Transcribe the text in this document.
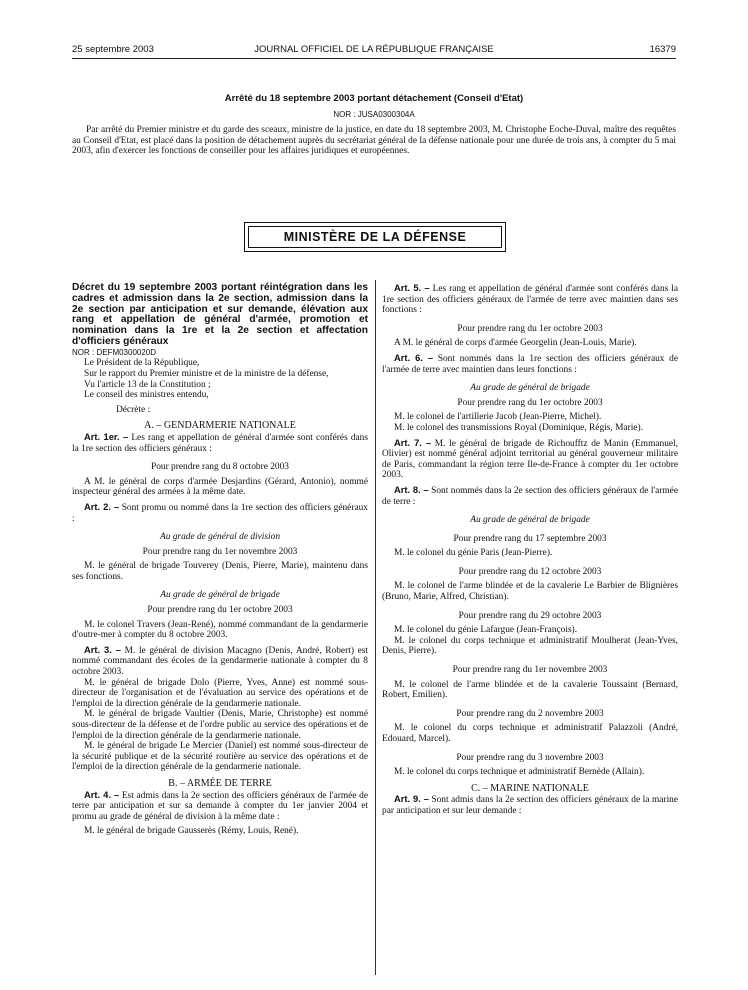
25 septembre 2003	JOURNAL OFFICIEL DE LA RÉPUBLIQUE FRANÇAISE	16379
Arrêté du 18 septembre 2003 portant détachement (Conseil d'Etat)
NOR : JUSA0300304A
Par arrêté du Premier ministre et du garde des sceaux, ministre de la justice, en date du 18 septembre 2003, M. Christophe Eoche-Duval, maître des requêtes au Conseil d'Etat, est placé dans la position de détachement auprès du secrétariat général de la défense nationale pour une durée de trois ans, à compter du 5 mai 2003, afin d'exercer les fonctions de conseiller pour les affaires juridiques et européennes.
MINISTÈRE DE LA DÉFENSE

Décret du 19 septembre 2003 portant réintégration dans les cadres et admission dans la 2e section, admission dans la 2e section par anticipation et sur demande, élévation aux rang et appellation de général d'armée, promotion et nomination dans la 1re et la 2e section et affectation d'officiers généraux

NOR : DEFM0300020D

Le Président de la République,

Sur le rapport du Premier ministre et de la ministre de la défense,

Vu l'article 13 de la Constitution ;

Le conseil des ministres entendu,

Décrète :

A. – GENDARMERIE NATIONALE

Art. 1er. – Les rang et appellation de général d'armée sont conférés dans la 1re section des officiers généraux :

Pour prendre rang du 8 octobre 2003

A M. le général de corps d'armée Desjardins (Gérard, Antonio), nommé inspecteur général des armées à la même date.

Art. 2. – Sont promu ou nommé dans la 1re section des officiers généraux :

Au grade de général de division

Pour prendre rang du 1er novembre 2003

M. le général de brigade Touverey (Denis, Pierre, Marie), maintenu dans ses fonctions.

Au grade de général de brigade

Pour prendre rang du 1er octobre 2003

M. le colonel Travers (Jean-René), nommé commandant de la gendarmerie d'outre-mer à compter du 8 octobre 2003.

Art. 3. – M. le général de division Macagno (Denis, André, Robert) est nommé commandant des écoles de la gendarmerie nationale à compter du 8 octobre 2003.

M. le général de brigade Dolo (Pierre, Yves, Anne) est nommé sous-directeur de l'organisation et de l'évaluation au service des opérations et de l'emploi de la direction générale de la gendarmerie nationale.

M. le général de brigade Vaultier (Denis, Marie, Christophe) est nommé sous-directeur de la défense et de l'ordre public au service des opérations et de l'emploi de la direction générale de la gendarmerie nationale.

M. le général de brigade Le Mercier (Daniel) est nommé sous-directeur de la sécurité publique et de la sécurité routière au service des opérations et de l'emploi de la direction générale de la gendarmerie nationale.

B. – ARMÉE DE TERRE

Art. 4. – Est admis dans la 2e section des officiers généraux de l'armée de terre par anticipation et sur sa demande à compter du 1er janvier 2004 et promu au grade de général de division à la même date :

M. le général de brigade Gausserès (Rémy, Louis, René).

Art. 5. – Les rang et appellation de général d'armée sont conférés dans la 1re section des officiers généraux de l'armée de terre avec maintien dans ses fonctions :

Pour prendre rang du 1er octobre 2003

A M. le général de corps d'armée Georgelin (Jean-Louis, Marie).

Art. 6. – Sont nommés dans la 1re section des officiers généraux de l'armée de terre avec maintien dans leurs fonctions :

Au grade de général de brigade

Pour prendre rang du 1er octobre 2003

M. le colonel de l'artillerie Jacob (Jean-Pierre, Michel).

M. le colonel des transmissions Royal (Dominique, Régis, Marie).

Art. 7. – M. le général de brigade de Richoufftz de Manin (Emmanuel, Olivier) est nommé général adjoint territorial au général gouverneur militaire de Paris, commandant la région terre Ile-de-France à compter du 1er octobre 2003.

Art. 8. – Sont nommés dans la 2e section des officiers généraux de l'armée de terre :

Au grade de général de brigade

Pour prendre rang du 17 septembre 2003

M. le colonel du génie Paris (Jean-Pierre).

Pour prendre rang du 12 octobre 2003

M. le colonel de l'arme blindée et de la cavalerie Le Barbier de Blignières (Bruno, Marie, Alfred, Christian).

Pour prendre rang du 29 octobre 2003

M. le colonel du génie Lafargue (Jean-François).

M. le colonel du corps technique et administratif Moulherat (Jean-Yves, Denis, Pierre).

Pour prendre rang du 1er novembre 2003

M. le colonel de l'arme blindée et de la cavalerie Toussaint (Bernard, Robert, Emilien).

Pour prendre rang du 2 novembre 2003

M. le colonel du corps technique et administratif Palazzoli (André, Edouard, Marcel).

Pour prendre rang du 3 novembre 2003

M. le colonel du corps technique et administratif Bernède (Allain).

C. – MARINE NATIONALE

Art. 9. – Sont admis dans la 2e section des officiers généraux de la marine par anticipation et sur leur demande :
